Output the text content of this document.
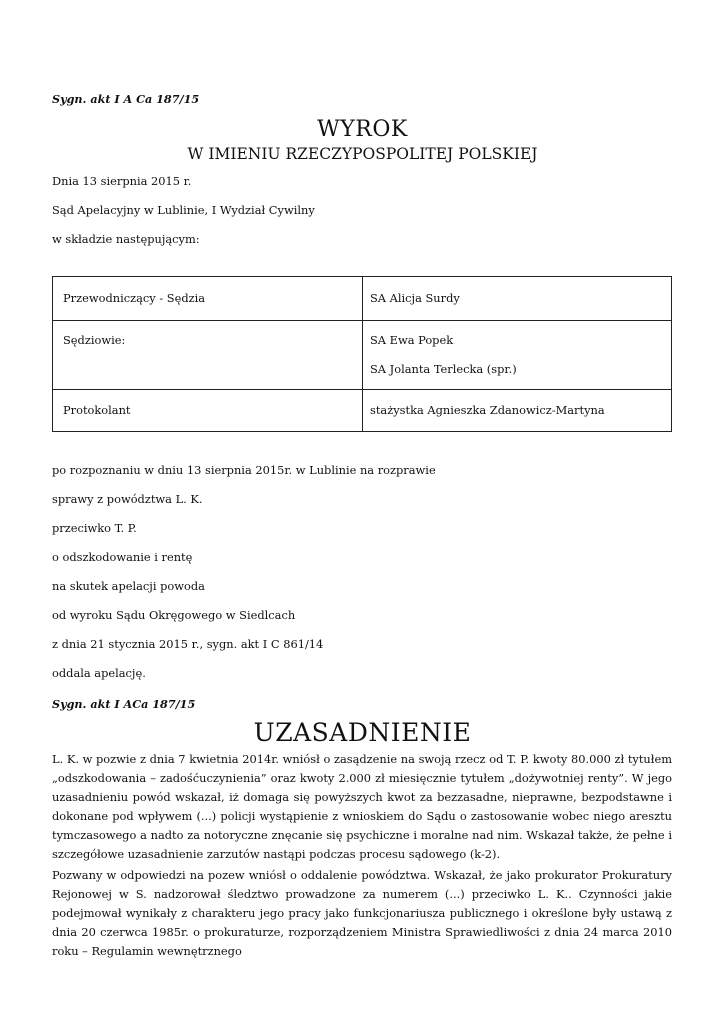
Sygn. akt I A Ca 187/15
WYROK
W IMIENIU RZECZYPOSPOLITEJ POLSKIEJ
Dnia 13 sierpnia 2015 r.
Sąd Apelacyjny w Lublinie, I Wydział Cywilny
w składzie następującym:
Przewodniczący - Sędzia	SA Alicja Surdy
Sędziowie:	SA Ewa Popek
SA Jolanta Terlecka (spr.)
Protokolant	stażystka Agnieszka Zdanowicz-Martyna
po rozpoznaniu w dniu 13 sierpnia 2015r. w Lublinie na rozprawie
sprawy z powództwa L. K.
przeciwko T. P.
o odszkodowanie i rentę
na skutek apelacji powoda
od wyroku Sądu Okręgowego w Siedlcach
z dnia 21 stycznia 2015 r., sygn. akt I C 861/14
oddala apelację.
Sygn. akt I ACa 187/15
UZASADNIENIE
L. K. w pozwie z dnia 7 kwietnia 2014r. wniósł o zasądzenie na swoją rzecz od T. P. kwoty 80.000 zł tytułem „odszkodowania – zadośćuczynienia” oraz kwoty 2.000 zł miesięcznie tytułem „dożywotniej renty”. W jego uzasadnieniu powód wskazał, iż domaga się powyższych kwot za bezzasadne, nieprawne, bezpodstawne i dokonane pod wpływem (...) policji wystąpienie z wnioskiem do Sądu o zastosowanie wobec niego aresztu tymczasowego a nadto za notoryczne znęcanie się psychiczne i moralne nad nim. Wskazał także, że pełne i szczegółowe uzasadnienie zarzutów nastąpi podczas procesu sądowego (k-2).
Pozwany w odpowiedzi na pozew wniósł o oddalenie powództwa. Wskazał, że jako prokurator Prokuratury Rejonowej w S. nadzorował śledztwo prowadzone za numerem (...) przeciwko L. K.. Czynności jakie podejmował wynikały z charakteru jego pracy jako funkcjonariusza publicznego i określone były ustawą z dnia 20 czerwca 1985r. o prokuraturze, rozporządzeniem Ministra Sprawiedliwości z dnia 24 marca 2010 roku – Regulamin wewnętrznego
